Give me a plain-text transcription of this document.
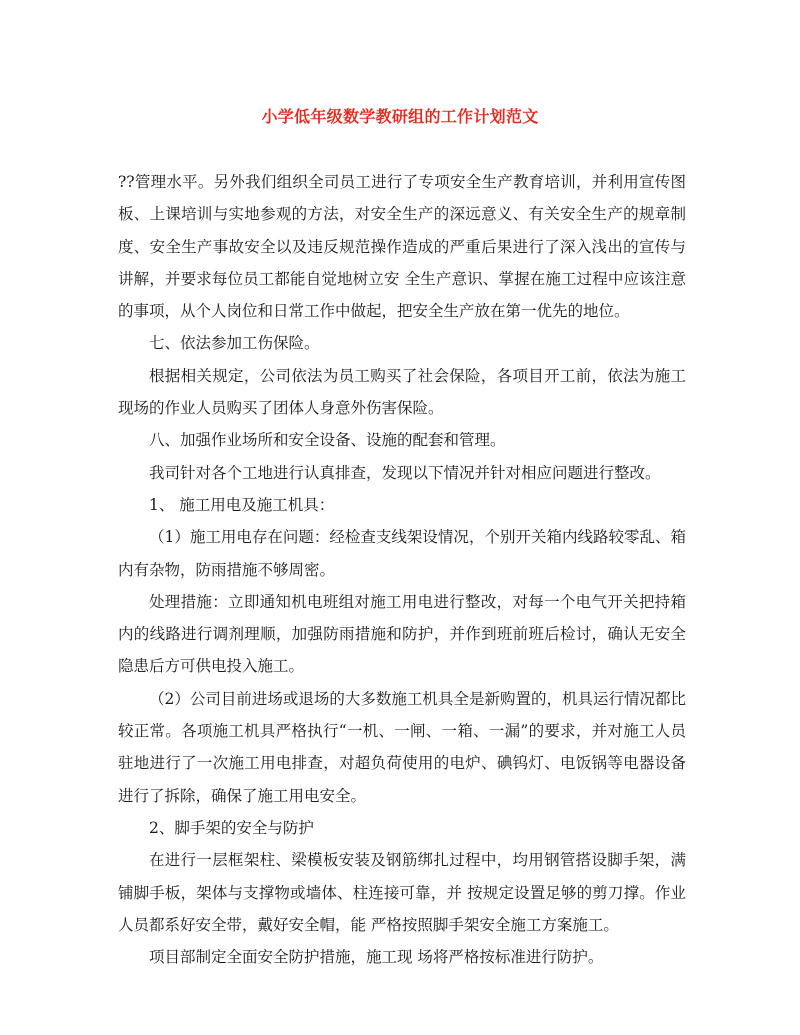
小学低年级数学教研组的工作计划范文

??管理水平。另外我们组织全司员工进行了专项安全生产教育培训，并利用宣传图板、上课培训与实地参观的方法，对安全生产的深远意义、有关安全生产的规章制度、安全生产事故安全以及违反规范操作造成的严重后果进行了深入浅出的宣传与讲解，并要求每位员工都能自觉地树立安 全生产意识、掌握在施工过程中应该注意的事项，从个人岗位和日常工作中做起，把安全生产放在第一优先的地位。

七、依法参加工伤保险。

根据相关规定，公司依法为员工购买了社会保险，各项目开工前，依法为施工现场的作业人员购买了团体人身意外伤害保险。

八、加强作业场所和安全设备、设施的配套和管理。

我司针对各个工地进行认真排查，发现以下情况并针对相应问题进行整改。

1、 施工用电及施工机具：

（1）施工用电存在问题：经检查支线架设情况，个别开关箱内线路较零乱、箱内有杂物，防雨措施不够周密。

处理措施：立即通知机电班组对施工用电进行整改，对每一个电气开关把持箱内的线路进行调剂理顺，加强防雨措施和防护，并作到班前班后检讨，确认无安全隐患后方可供电投入施工。

（2）公司目前进场或退场的大多数施工机具全是新购置的，机具运行情况都比较正常。各项施工机具严格执行“一机、一闸、一箱、一漏”的要求，并对施工人员驻地进行了一次施工用电排查，对超负荷使用的电炉、碘钨灯、电饭锅等电器设备进行了拆除，确保了施工用电安全。

2、脚手架的安全与防护

在进行一层框架柱、梁模板安装及钢筋绑扎过程中，均用钢管搭设脚手架，满铺脚手板，架体与支撑物或墙体、柱连接可靠，并 按规定设置足够的剪刀撑。作业人员都系好安全带，戴好安全帽，能 严格按照脚手架安全施工方案施工。

项目部制定全面安全防护措施，施工现 场将严格按标准进行防护。
